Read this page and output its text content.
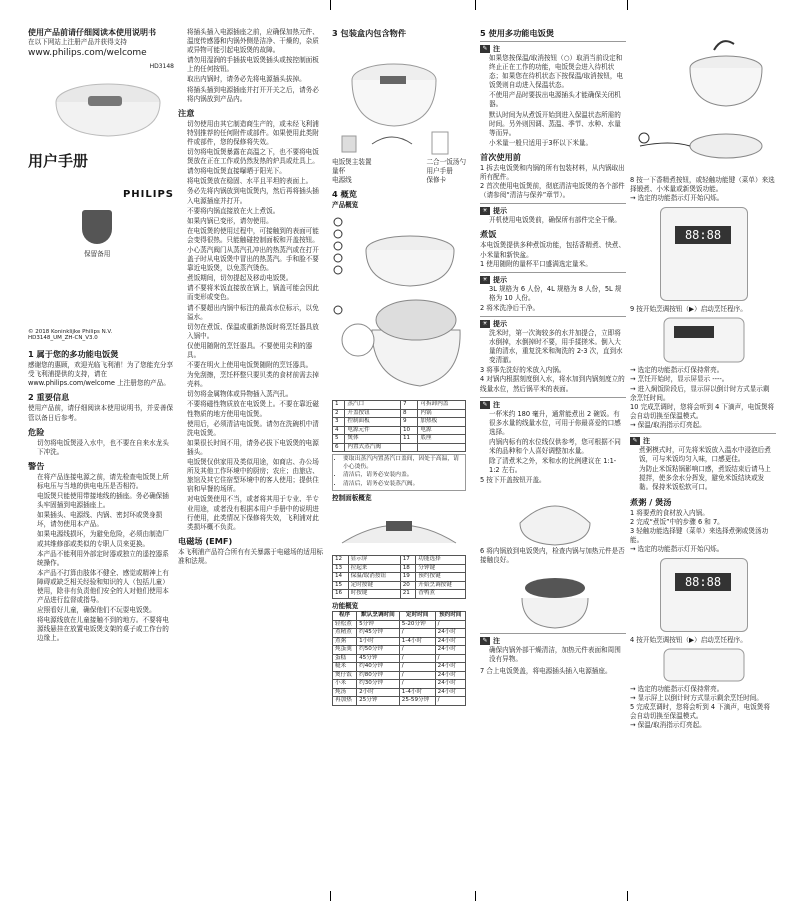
使用产品前请仔细阅读本使用说明书

在以下网站上注册产品并获得支持

www.philips.com/welcome

HD3148

用户手册

PHILIPS

保留备用

© 2018 Koninklijke Philips N.V.

HD3148_UM_ZH-CN_V3.0

1 属于您的多功能电饭煲

感谢您的惠顾，欢迎光临飞利浦！为了您能充分享受飞利浦提供的支持，请在 www.philips.com/welcome 上注册您的产品。

2 重要信息

使用产品前，请仔细阅读本使用说明书，并妥善保管以备日后参考。

危险

• 切勿将电饭煲浸入水中，也不要在自来水龙头下冲洗。

警告

• 在将产品连接电源之前，请先检查电饭煲上所标电压与当地的供电电压是否相符。
• 电饭煲只能使用带接地线的插座。务必确保插头牢固插到电源插座上。
• 如果插头、电源线、内锅、密封环或煲身损坏，请勿使用本产品。
• 如果电源线损坏，为避免危险，必须由制造厂或其维修部或类似的专职人员来更换。
• 本产品不能利用外部定时器或独立的遥控器系统操作。
• 本产品不打算由肢体不健全、感觉或精神上有障碍或缺乏相关经验和知识的人（包括儿童）使用，除非有负责他们安全的人对他们使用本产品进行监督或指导。
• 应照看好儿童，确保他们不玩耍电饭煲。
• 将电源线放在儿童接触不到的地方。不要将电源线悬挂在放置电饭煲支架的桌子或工作台的边缘上。
• 将插头插入电源插座之前，应确保加热元件、温度传感器和内锅外侧是洁净、干燥的，杂质或异物可能引起电饭煲的故障。
• 请勿用湿润的手插拔电饭煲插头或按控制面板上的任何按钮。
• 取出内锅时，请务必先将电源插头拔掉。
• 将插头插到电源插座并打开开关之后，请务必将内锅放到产品内。

注意

• 切勿使用由其它制造商生产的，或未经飞利浦特别推荐的任何附件或部件。如果使用此类附件或部件，您的保修将失效。
• 切勿将电饭煲暴露在高温之下，也不要将电饭煲放在正在工作或仍然发热的炉具或灶具上。
• 请勿将电饭煲直接曝晒于阳光下。
• 将电饭煲放在稳固、水平且平坦的表面上。
• 务必先将内锅放到电饭煲内，然后再将插头插入电源插座并打开。
• 不要将内锅直接放在火上煮饭。
• 如果内锅已变形，请勿使用。
• 在电饭煲的使用过程中，可接触到的表面可能会变得很热。只能触碰控制面板和开盖按钮。
• 小心蒸汽阀门从蒸汽孔冲出的热蒸汽或在打开盖子时从电饭煲中冒出的热蒸汽。手和脸不要靠近电饭煲，以免蒸汽烫伤。
• 煮饭期间，切勿提起及移动电饭煲。
• 请不要将米饭直接放在锅上，锅盖可能会因此而变形或变色。
• 请不要超出内锅中标注的最高水位标示，以免溢水。
• 切勿在煮饭、保温或重新热饭时将烹饪器具放入锅中。
• 仅使用随附的烹饪器具。不要使用尖利的器具。
• 不要在明火上使用电饭煲随附的烹饪器具。
• 为免刮擦，烹饪杯整只要贝类的食材前需去掉壳料。
• 切勿将金属物体或异物插入蒸汽孔。
• 不要将磁性物质放在电饭煲上。不要在靠近磁性物质的地方使用电饭煲。
• 使用后，必须清洁电饭煲。请勿在洗碗机中清洗电饭煲。
• 如果很长时间不用，请务必拔下电饭煲的电源插头。
• 电饭煲仅供家用及类似用途，如商店、办公场所及其他工作环境中的厨房；农庄；由旅店、旅馆及其它住宿型环境中的客人使用；提供住宿和早餐的场所。
• 对电饭煲使用不当，或者将其用于专业、半专业用途，或者没有根据本用户手册中的说明进行使用，此类情况下保修将失效，飞利浦对此类损坏概不负责。

电磁场 (EMF)

本飞利浦产品符合所有有关暴露于电磁场的适用标准和法规。

3 包装盒内包含物件

电饭煲主装置

量杯

电源线

二合一饭汤勺

用户手册

保修卡

4 概览

产品概览

1	蒸汽口	7	可拆卸内盖
2	开盖按钮	8	内锅
3	控制面板	9	加热板
4	电源元件	10	电源
5	煲体	11	底座
6	内置式蒸汽阀		
• 要取出蒸汽内置蒸汽口盖间，因处于高温，请小心烫伤。
• 清洁后，请务必安装内盖。
• 清洁后，请务必安装蒸汽阀。

控制面板概览

12	显示屏	17	功能选择
13	拉起来	18	分钟键
14	保温/取消按钮	19	预约按键
15	定时按键	20	开始烹调按键
16	时按键	21	香鸭煮

功能概览

程序	默认烹调时间	定时时间	预约时间
轻松煮	5分钟	5-20分钟	/
煮精煮	约45分钟	/	24小时
煮粥	1小时	1-4小时	24小时
炖蛋羹	约50分钟	/	24小时
蛋糕	45分钟	/	/
糙米	约40分钟	/	24小时
煲仔饭	约80分钟	/	24小时
小米	约30分钟	/	24小时
炖汤	2小时	1-4小时	24小时
再加热	25分钟	25-59分钟	/

5 使用多功能电饭煲

✎ 注
• 如果您按保温/取消按钮（○）取消当前设定和终止正在工作的功能，电饭煲会进入待机状态；如果您在待机状态下按保温/取消按钮，电饭煲则自动进入保温状态。
• 不使用产品时要拔出电源插头才能确保关闭机器。
• 默认时间为从煮饭开始到进入保温状态所需的时间。另外则因调、蒸温、季节、水种、水量等而异。
• 小米量一般只适用于3杯以下米量。

首次使用前

1 拆去电饭煲和内锅的所有包装材料，从内锅取出所有配件。

2 首次使用电饭煲前，彻底清洁电饭煲的各个部件（请参阅“清洁与保养”章节）。

☀ 提示
• 开机使用电饭煲前，确保所有部件完全干燥。

煮饭

本电饭煲提供多种煮饭功能，包括香精煮、快煮、小米量和新快盆。

1 使用随附的量杯平口盛满选定量米。

☀ 提示
• 3L 规格为 6 人份，4L 规格为 8 人份，5L 规格为 10 人份。

2 将米洗净后干净。

☀ 提示
• 洗米时，第一次淘较多的水并加提合，立即将水倒掉，水倒掉时不要，用手揉搓米。倒入大量的清水，重复洗米和淘洗的 2-3 次，直到水变清澈。

3 将事先洗好的米放入内锅。

4 对锅内根据刻度倒入水，将水加到内锅刻度立的线量水位，然后锅平米的表面。

✎ 注
• 一杯米约 180 毫升，通常能煮出 2 碗饭。有很多水量的线量水位，可用于你最喜爱的口感选择。
• 内锅内标有的水位线仅供参考，您可根据不同米的品种和个人喜好调整加水量。
• 除了清煮米之外，米和水的比例建议在 1:1-1:2 左右。

5 按下开盖按钮开盖。

6 将内锅放到电饭煲内，检查内锅与加热元件是否接触良好。

✎ 注
• 确保内锅外部干燥清洁，加热元件表面和周围没有异物。

7 合上电饭煲盖，将电源插头插入电源插座。

8 按一下香精煮按钮，或轻触功能键（菜单）来选择锻煮、小米量或新煲饭功能。

→ 选定的功能指示灯开始闪烁。

88:88

9 按开始烹调按钮（▶）启动烹饪程序。

→ 选定的功能指示灯保持常亮。

→ 烹饪开始时，显示屏显示 ----。

→ 进入焖饭阶段后，显示屏以倒计时方式显示剩余烹饪时间。

10 完成烹调时，您将会听到 4 下滴声，电饭煲将会自动切换至保温模式。

→ 保温/取消指示灯亮起。

✎ 注
• 煮粥模式时，可先将米饭放入温水中浸泡后煮饭，可与米饭均匀入味，口感更佳。
• 为防止米饭粘锅影响口感，煮饭结束后请马上搅拌，使多余水分挥发，避免米饭结块或发黏。保持米饭松软可口。

煮粥 / 煲汤

1 将要煮的食材放入内锅。

2 完成“煮饭”中的步骤 6 和 7。

3 轻触功能选择键（菜单）来选择煮粥或煲汤功能。

→ 选定的功能指示灯开始闪烁。

88:88

4 按开始烹调按钮（▶）启动烹饪程序。

→ 选定的功能指示灯保持常亮。

→ 显示屏上以倒计时方式显示剩余烹饪时间。

5 完成烹调时，您将会听到 4 下滴声，电饭煲将会自动切换至保温模式。

→ 保温/取消指示灯亮起。
